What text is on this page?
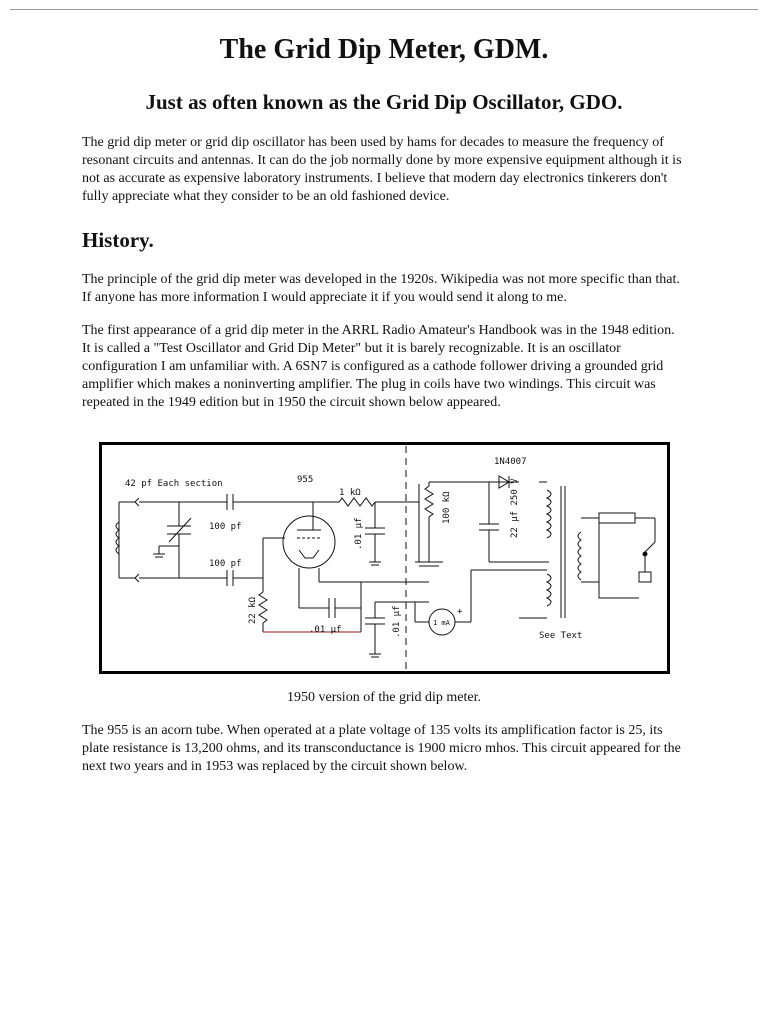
The Grid Dip Meter, GDM.
Just as often known as the Grid Dip Oscillator, GDO.

The grid dip meter or grid dip oscillator has been used by hams for decades to measure the frequency of resonant circuits and antennas. It can do the job normally done by more expensive equipment although it is not as accurate as expensive laboratory instruments. I believe that modern day electronics tinkerers don't fully appreciate what they consider to be an old fashioned device.

History.

The principle of the grid dip meter was developed in the 1920s. Wikipedia was not more specific than that. If anyone has more information I would appreciate it if you would send it along to me.

The first appearance of a grid dip meter in the ARRL Radio Amateur's Handbook was in the 1948 edition. It is called a "Test Oscillator and Grid Dip Meter" but it is barely recognizable. It is an oscillator configuration I am unfamiliar with. A 6SN7 is configured as a cathode follower driving a grounded grid amplifier which makes a noninverting amplifier. The plug in coils have two windings. This circuit was repeated in the 1949 edition but in 1950 the circuit shown below appeared.

42 pf Each section
100 pf
100 pf
955
1 kΩ
.01 µf
22 kΩ
.01 µf	.01 µf	1 mA
+
100 kΩ
1N4007
22 µf 250 V
See Text
1950 version of the grid dip meter.

The 955 is an acorn tube. When operated at a plate voltage of 135 volts its amplification factor is 25, its plate resistance is 13,200 ohms, and its transconductance is 1900 micro mhos. This circuit appeared for the next two years and in 1953 was replaced by the circuit shown below.
